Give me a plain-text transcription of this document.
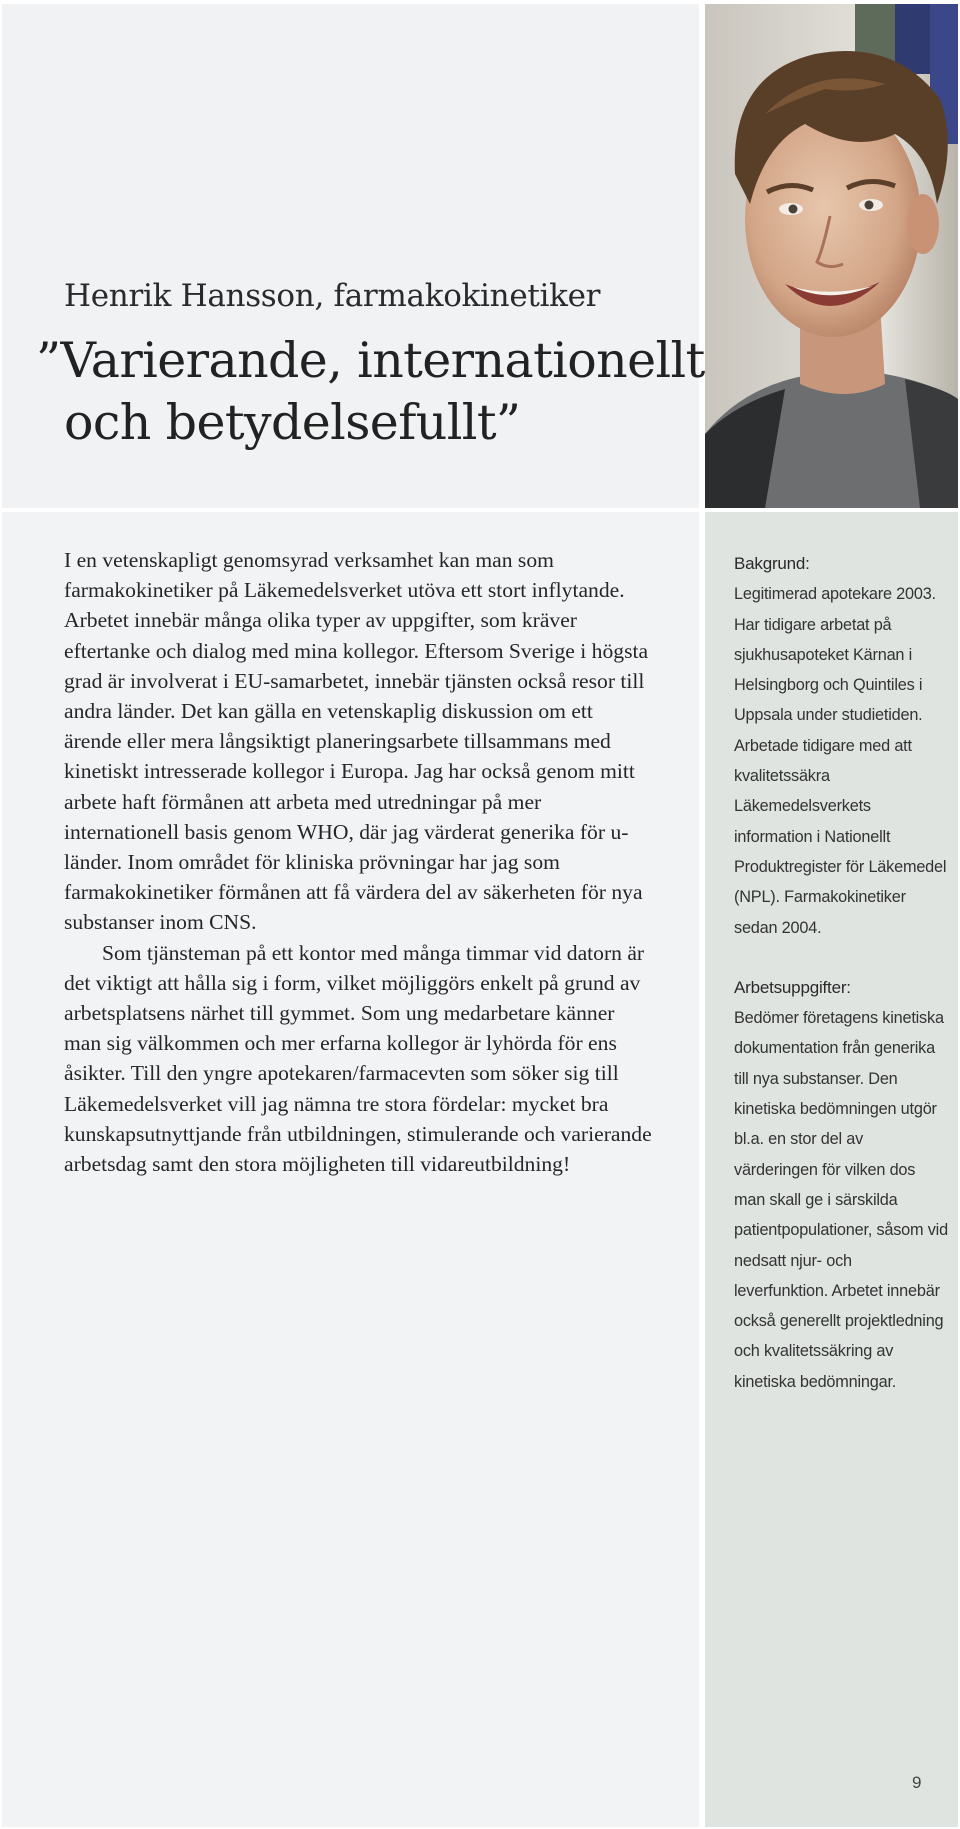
Henrik Hansson, farmakokinetiker
”Varierande, internationellt
och betydelsefullt”

I en vetenskapligt genomsyrad verksamhet kan man som farmakokinetiker på Läkemedelsverket utöva ett stort inflytande. Arbetet innebär många olika typer av uppgifter, som kräver eftertanke och dialog med mina kollegor. Eftersom Sverige i högsta grad är involverat i EU-samarbetet, innebär tjänsten också resor till andra länder. Det kan gälla en vetenskaplig diskussion om ett ärende eller mera långsiktigt planeringsarbete tillsammans med kinetiskt intresserade kollegor i Europa. Jag har också genom mitt arbete haft förmånen att arbeta med utredningar på mer internationell basis genom WHO, där jag värderat generika för u-länder. Inom området för kliniska prövningar har jag som farmakokinetiker förmånen att få värdera del av säkerheten för nya substanser inom CNS.

Som tjänsteman på ett kontor med många timmar vid datorn är det viktigt att hålla sig i form, vilket möjliggörs enkelt på grund av arbetsplatsens närhet till gymmet. Som ung medarbetare känner man sig välkommen och mer erfarna kollegor är lyhörda för ens åsikter. Till den yngre apotekaren/farmacevten som söker sig till Läkemedelsverket vill jag nämna tre stora fördelar: mycket bra kunskapsutnyttjande från utbildningen, stimulerande och varierande arbetsdag samt den stora möjligheten till vidareutbildning!

Bakgrund:

Legitimerad apotekare 2003. Har tidigare arbetat på sjukhusapoteket Kärnan i Helsingborg och Quintiles i Uppsala under studietiden. Arbetade tidigare med att kvalitetssäkra Läkemedelsverkets information i Nationellt Produktregister för Läkemedel (NPL). Farmakokinetiker sedan 2004.

Arbetsuppgifter:

Bedömer företagens kinetiska dokumentation från generika till nya substanser. Den kinetiska bedömningen utgör bl.a. en stor del av värderingen för vilken dos man skall ge i särskilda patientpopulationer, såsom vid nedsatt njur- och leverfunktion. Arbetet innebär också generellt projektledning och kvalitetssäkring av kinetiska bedömningar.

9
